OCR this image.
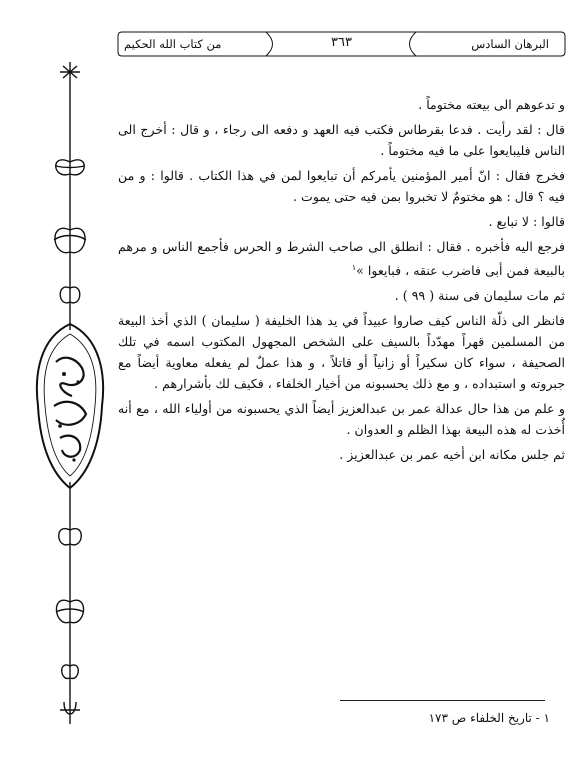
البرهان السادس
٣٦٣
من كتاب الله الحكيم

و تدعوهم الى بيعته مختوماً .

قال : لقد رأيت . فدعا بقرطاس فكتب فيه العهد و دفعه الى رجاء ، و قال : أخرج الى الناس فليبايعوا على ما فيه مختوماً .

فخرج فقال : انّ أمير المؤمنين يأمركم أن تبايعوا لمن في هذا الكتاب . قالوا : و من فيه ؟ قال : هو مختومٌ لا تخبروا بمن فيه حتى يموت .

قالوا : لا نبايع .

فرجع اليه فأخبره . فقال : انطلق الى صاحب الشرط و الحرس فأجمع الناس و مرهم بالبيعة فمن أبى فاضرب عنقه ، فبايعوا »$^١$

ثم مات سليمان فى سنة ( ٩٩ ) .

فانظر الى ذلّة الناس كيف صاروا عبيداً في يد هذا الخليفة ( سليمان ) الذي أخذ البيعة من المسلمين قهراً مهدّداً بالسيف على الشخص المجهول المكتوب اسمه في تلك الصحيفة ، سواء كان سكيراً أو زانياً أو قاتلاً ، و هذا عملٌ لم يفعله معاوية أيضاً مع جبروته و استبداده ، و مع ذلك يحسبونه من أخيار الخلفاء ، فكيف لك بأشرارهم .

و علم من هذا حال عدالة عمر بن عبدالعزيز أيضاً الذي يحسبونه من أولياء الله ، مع أنه أُخذت له هذه البيعة بهذا الظلم و العدوان .

ثم جلس مكانه ابن أخيه عمر بن عبدالعزيز .

١ - تاريخ الخلفاء ص ١٧٣
